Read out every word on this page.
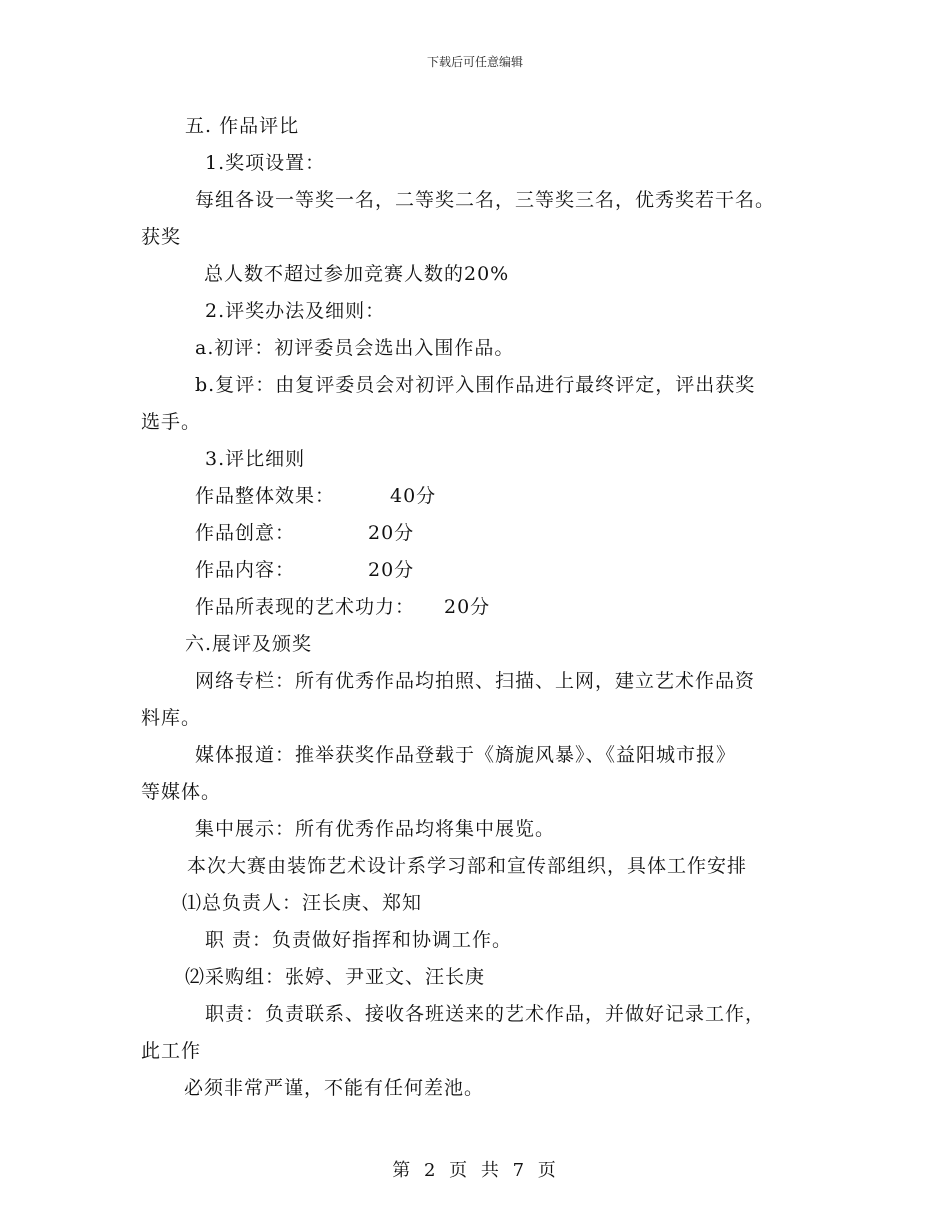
下载后可任意编辑
五. 作品评比
1.奖项设置：
每组各设一等奖一名，二等奖二名，三等奖三名，优秀奖若干名。
获奖
总人数不超过参加竞赛人数的20%
2.评奖办法及细则：
a.初评：初评委员会选出入围作品。
b.复评：由复评委员会对初评入围作品进行最终评定，评出获奖
选手。
3.评比细则
作品整体效果：	40分
作品创意：	20分
作品内容：	20分
作品所表现的艺术功力： 20分
六.展评及颁奖
网络专栏：所有优秀作品均拍照、扫描、上网，建立艺术作品资
料库。
媒体报道：推举获奖作品登载于《旖旎风暴》、《益阳城市报》
等媒体。
集中展示：所有优秀作品均将集中展览。
本次大赛由装饰艺术设计系学习部和宣传部组织，具体工作安排
⑴总负责人：汪长庚、郑知
职 责：负责做好指挥和协调工作。
⑵采购组：张婷、尹亚文、汪长庚
职责：负责联系、接收各班送来的艺术作品，并做好记录工作，
此工作
必须非常严谨，不能有任何差池。
第 2 页 共 7 页
